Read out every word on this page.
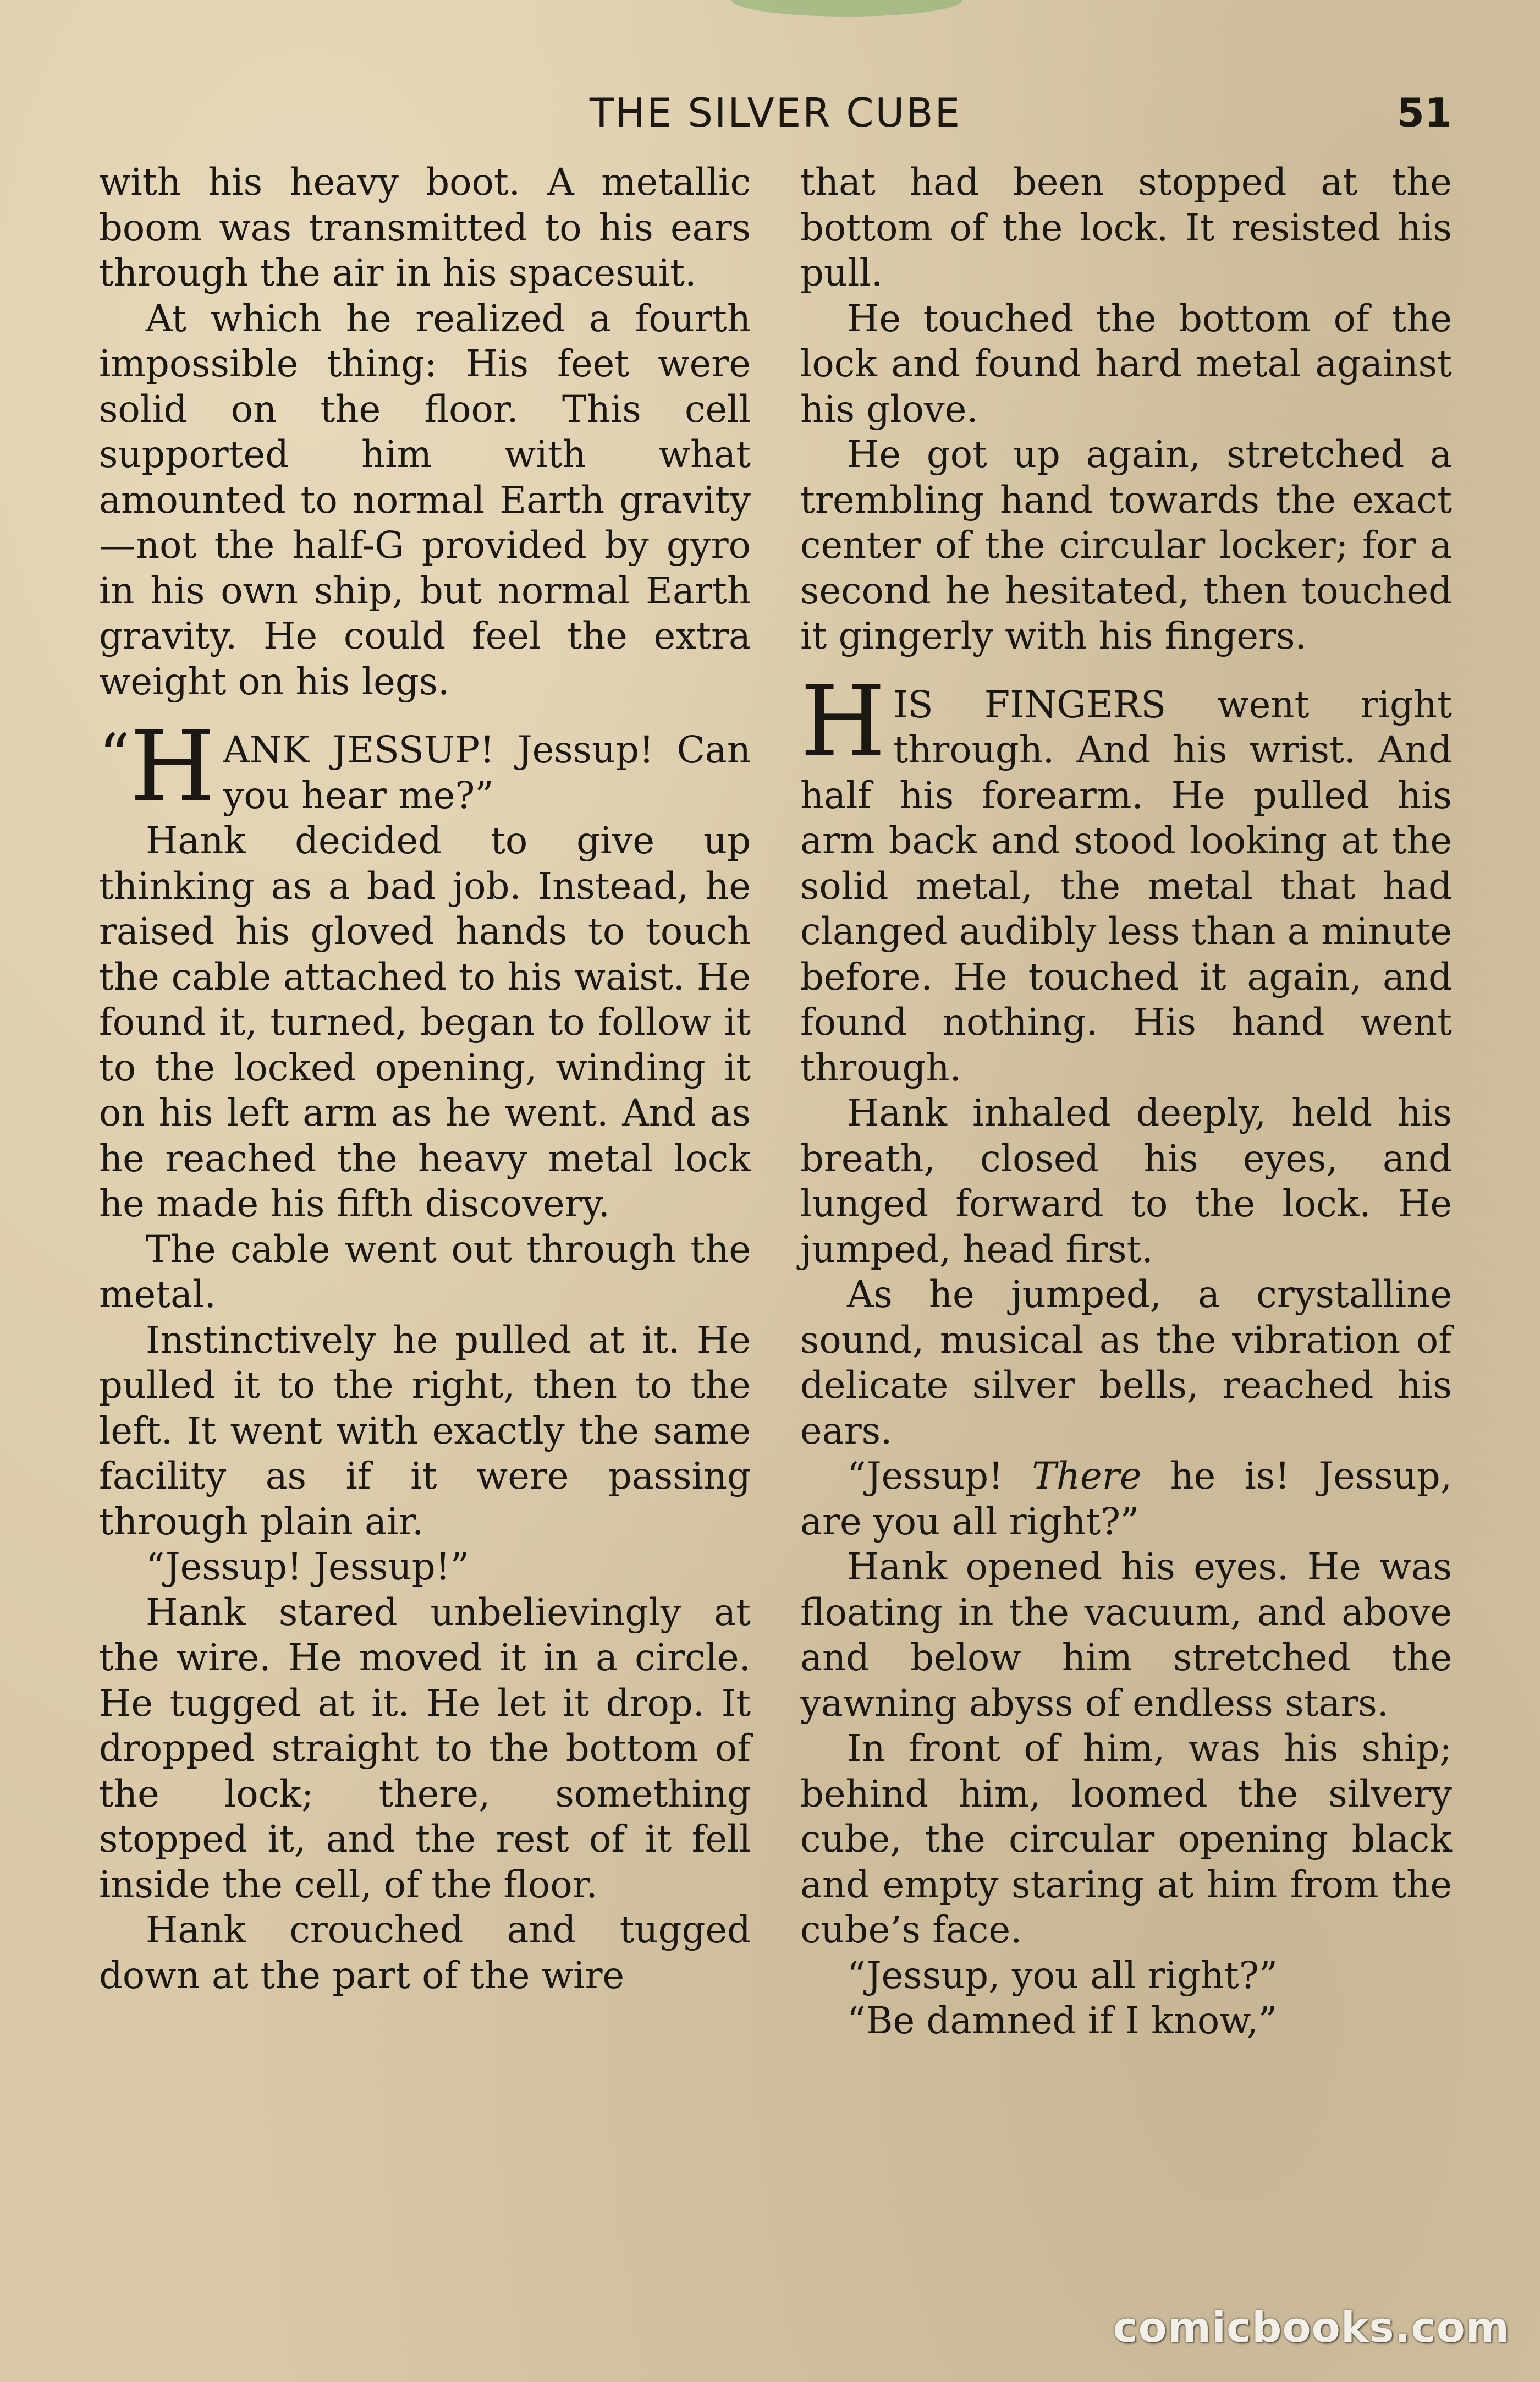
THE SILVER CUBE	51

with his heavy boot. A metallic boom was transmitted to his ears through the air in his spacesuit.

At which he realized a fourth impossible thing: His feet were solid on the floor. This cell supported him with what amounted to normal Earth gravity—not the half-G provided by gyro in his own ship, but normal Earth gravity. He could feel the extra weight on his legs.

“H ANK JESSUP! Jessup! Can you hear me?”

Hank decided to give up thinking as a bad job. Instead, he raised his gloved hands to touch the cable attached to his waist. He found it, turned, began to follow it to the locked opening, winding it on his left arm as he went. And as he reached the heavy metal lock he made his fifth discovery.

The cable went out through the metal.

Instinctively he pulled at it. He pulled it to the right, then to the left. It went with exactly the same facility as if it were passing through plain air.

“Jessup! Jessup!”

Hank stared unbelievingly at the wire. He moved it in a circle. He tugged at it. He let it drop. It dropped straight to the bottom of the lock; there, something stopped it, and the rest of it fell inside the cell, of the floor.

Hank crouched and tugged down at the part of the wire

that had been stopped at the bottom of the lock. It resisted his pull.

He touched the bottom of the lock and found hard metal against his glove.

He got up again, stretched a trembling hand towards the exact center of the circular locker; for a second he hesitated, then touched it gingerly with his fingers.

HIS FINGERS went right through. And his wrist. And half his forearm. He pulled his arm back and stood looking at the solid metal, the metal that had clanged audibly less than a minute before. He touched it again, and found nothing. His hand went through.

Hank inhaled deeply, held his breath, closed his eyes, and lunged forward to the lock. He jumped, head first.

As he jumped, a crystalline sound, musical as the vibration of delicate silver bells, reached his ears.

“Jessup! There he is! Jessup, are you all right?”

Hank opened his eyes. He was floating in the vacuum, and above and below him stretched the yawning abyss of endless stars.

In front of him, was his ship; behind him, loomed the silvery cube, the circular opening black and empty staring at him from the cube’s face.

“Jessup, you all right?”

“Be damned if I know,”

comicbooks.com
